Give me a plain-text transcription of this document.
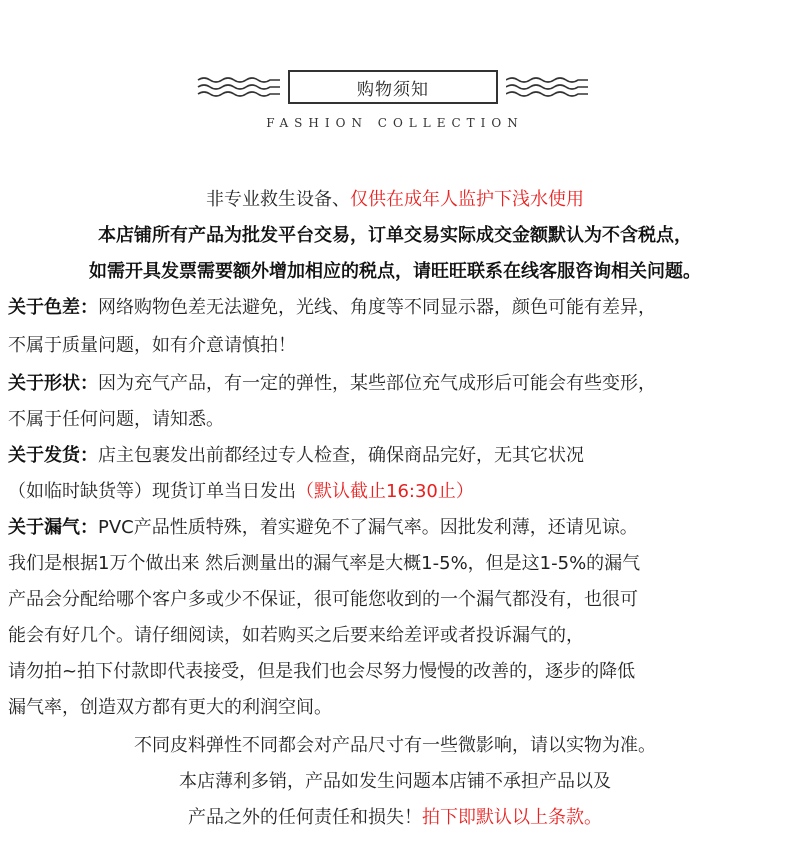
购物须知
FASHION COLLECTION
非专业救生设备、仅供在成年人监护下浅水使用
本店铺所有产品为批发平台交易，订单交易实际成交金额默认为不含税点，
如需开具发票需要额外增加相应的税点，请旺旺联系在线客服咨询相关问题。
关于色差：网络购物色差无法避免，光线、角度等不同显示器，颜色可能有差异，
不属于质量问题，如有介意请慎拍！
关于形状：因为充气产品，有一定的弹性，某些部位充气成形后可能会有些变形，
不属于任何问题，请知悉。
关于发货：店主包裹发出前都经过专人检查，确保商品完好，无其它状况
（如临时缺货等）现货订单当日发出（默认截止16:30止）
关于漏气：PVC产品性质特殊，着实避免不了漏气率。因批发利薄，还请见谅。
我们是根据1万个做出来 然后测量出的漏气率是大概1-5%，但是这1-5%的漏气
产品会分配给哪个客户多或少不保证，很可能您收到的一个漏气都没有，也很可
能会有好几个。请仔细阅读，如若购买之后要来给差评或者投诉漏气的，
请勿拍~拍下付款即代表接受，但是我们也会尽努力慢慢的改善的，逐步的降低
漏气率，创造双方都有更大的利润空间。
不同皮料弹性不同都会对产品尺寸有一些微影响，请以实物为准。
本店薄利多销，产品如发生问题本店铺不承担产品以及
产品之外的任何责任和损失！拍下即默认以上条款。
